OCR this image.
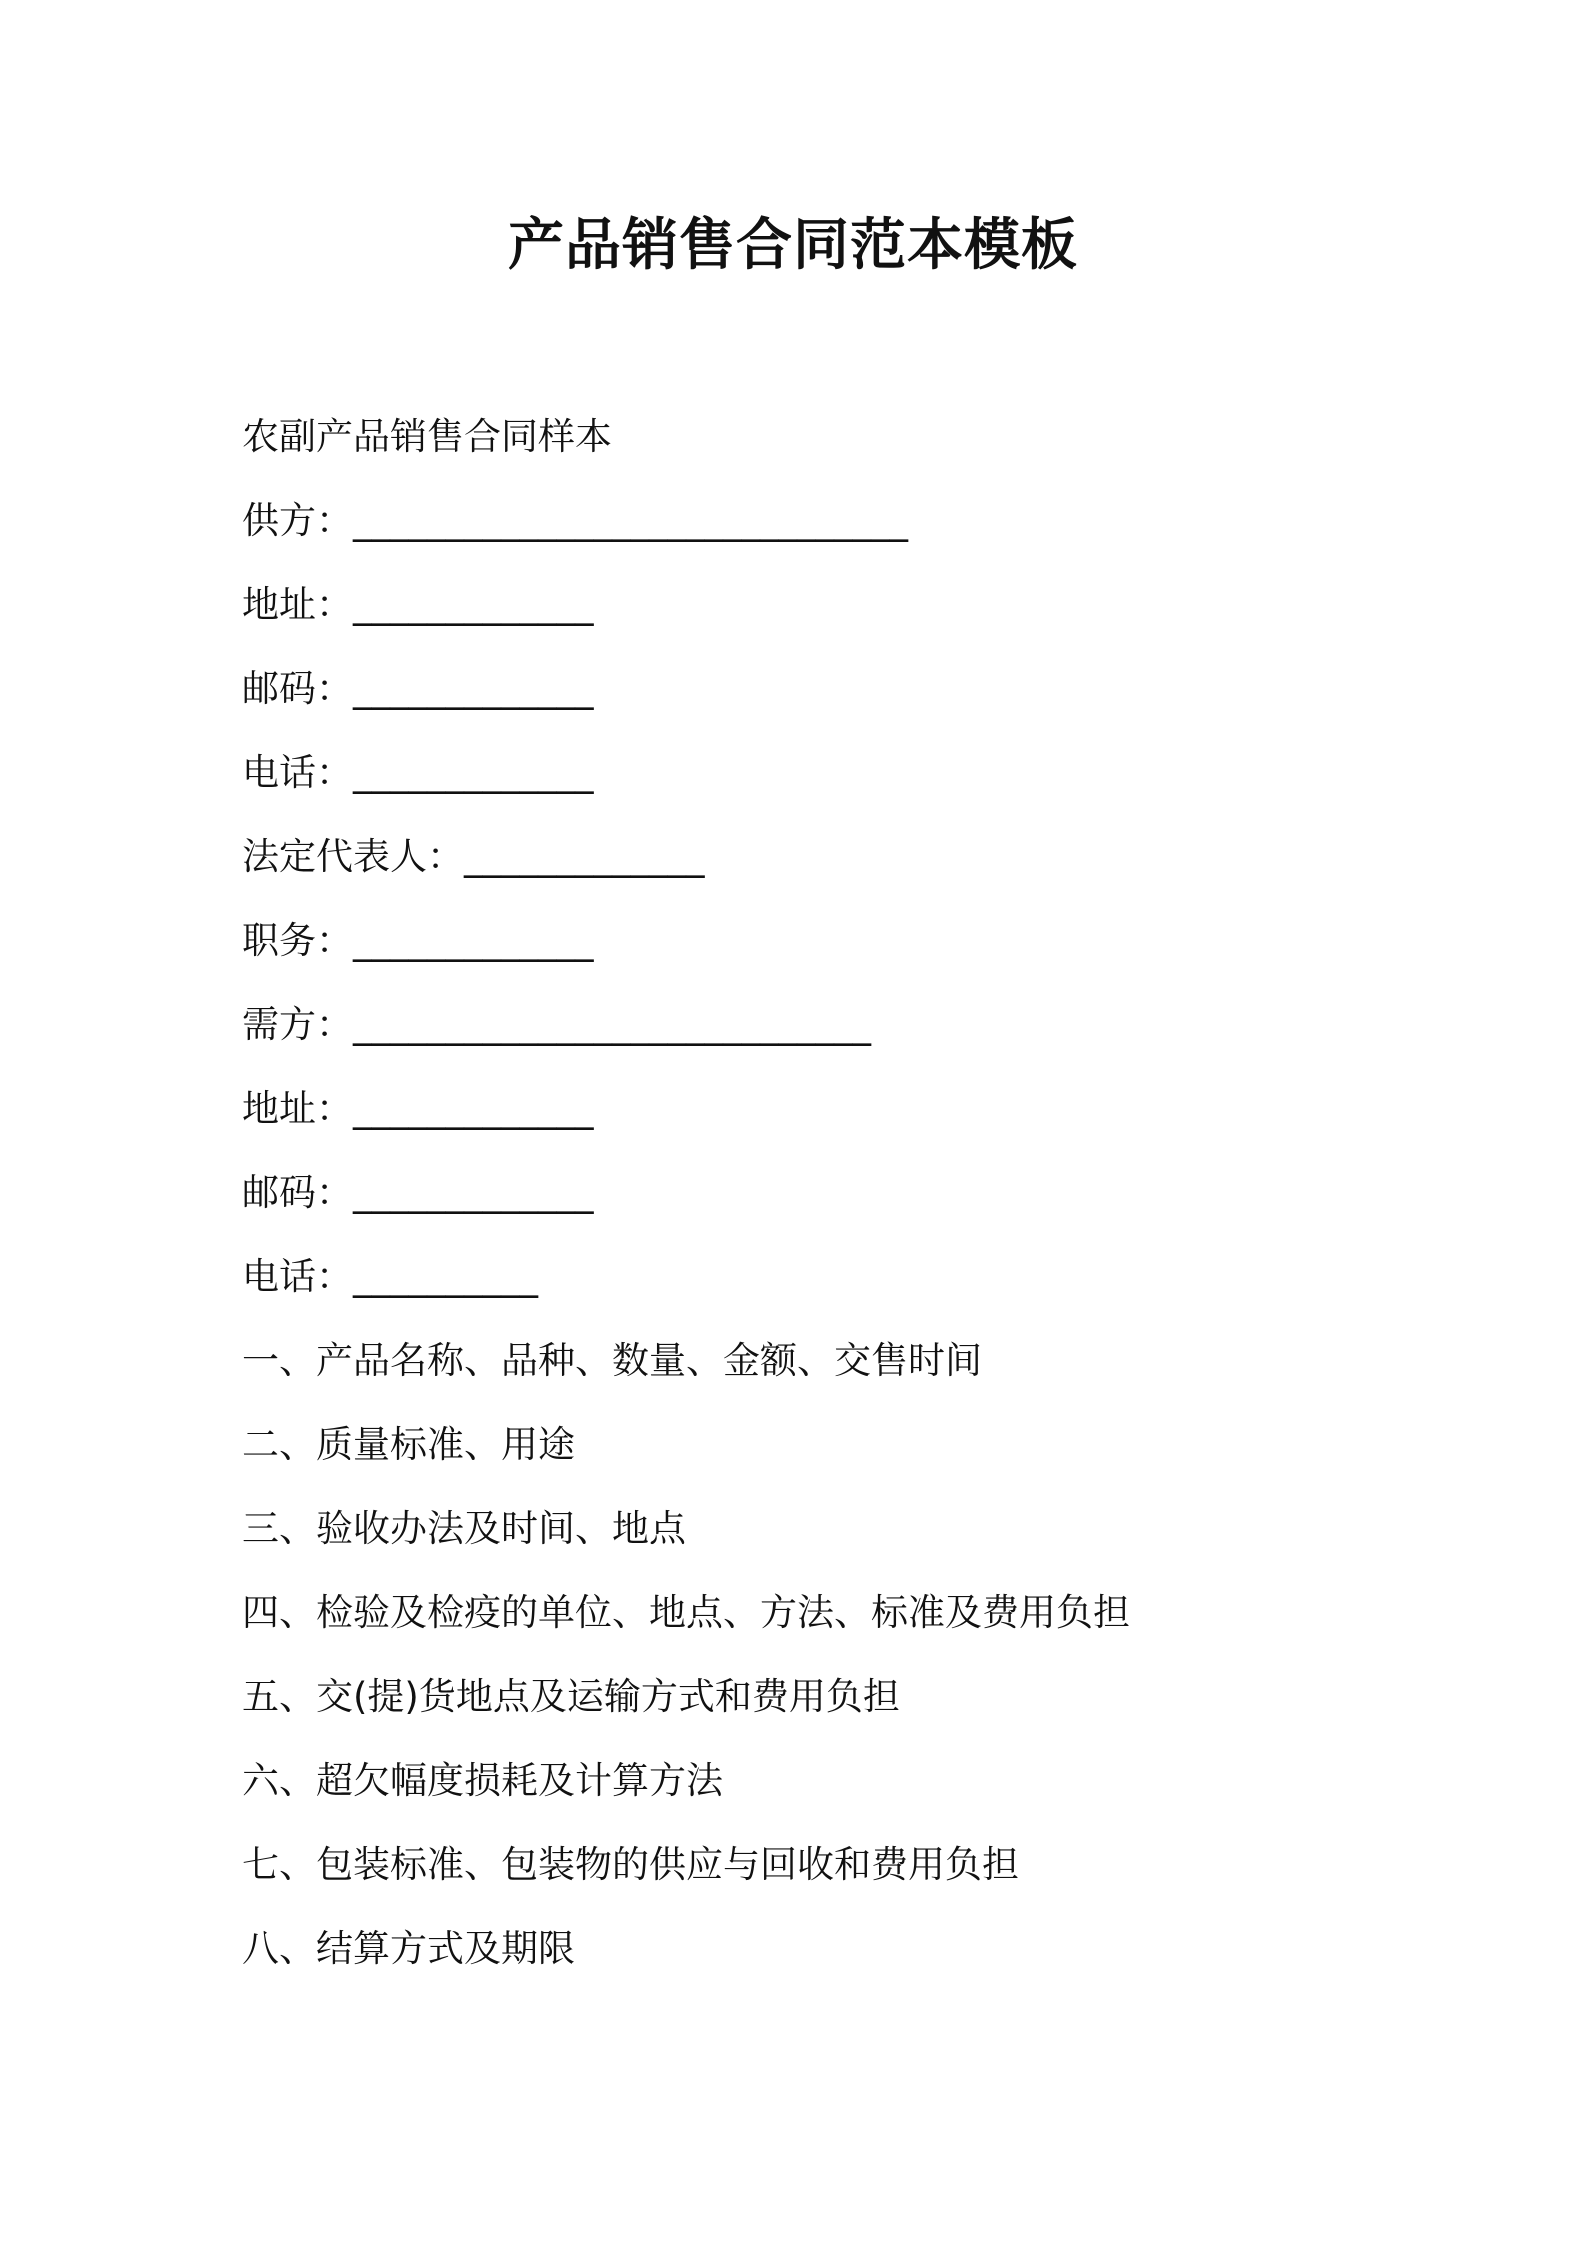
产品销售合同范本模板
农副产品销售合同样本
供方：______________________________
地址：_____________
邮码：_____________
电话：_____________
法定代表人：_____________
职务：_____________
需方：____________________________
地址：_____________
邮码：_____________
电话：__________
一、产品名称、品种、数量、金额、交售时间
二、质量标准、用途
三、验收办法及时间、地点
四、检验及检疫的单位、地点、方法、标准及费用负担
五、交(提)货地点及运输方式和费用负担
六、超欠幅度损耗及计算方法
七、包装标准、包装物的供应与回收和费用负担
八、结算方式及期限
